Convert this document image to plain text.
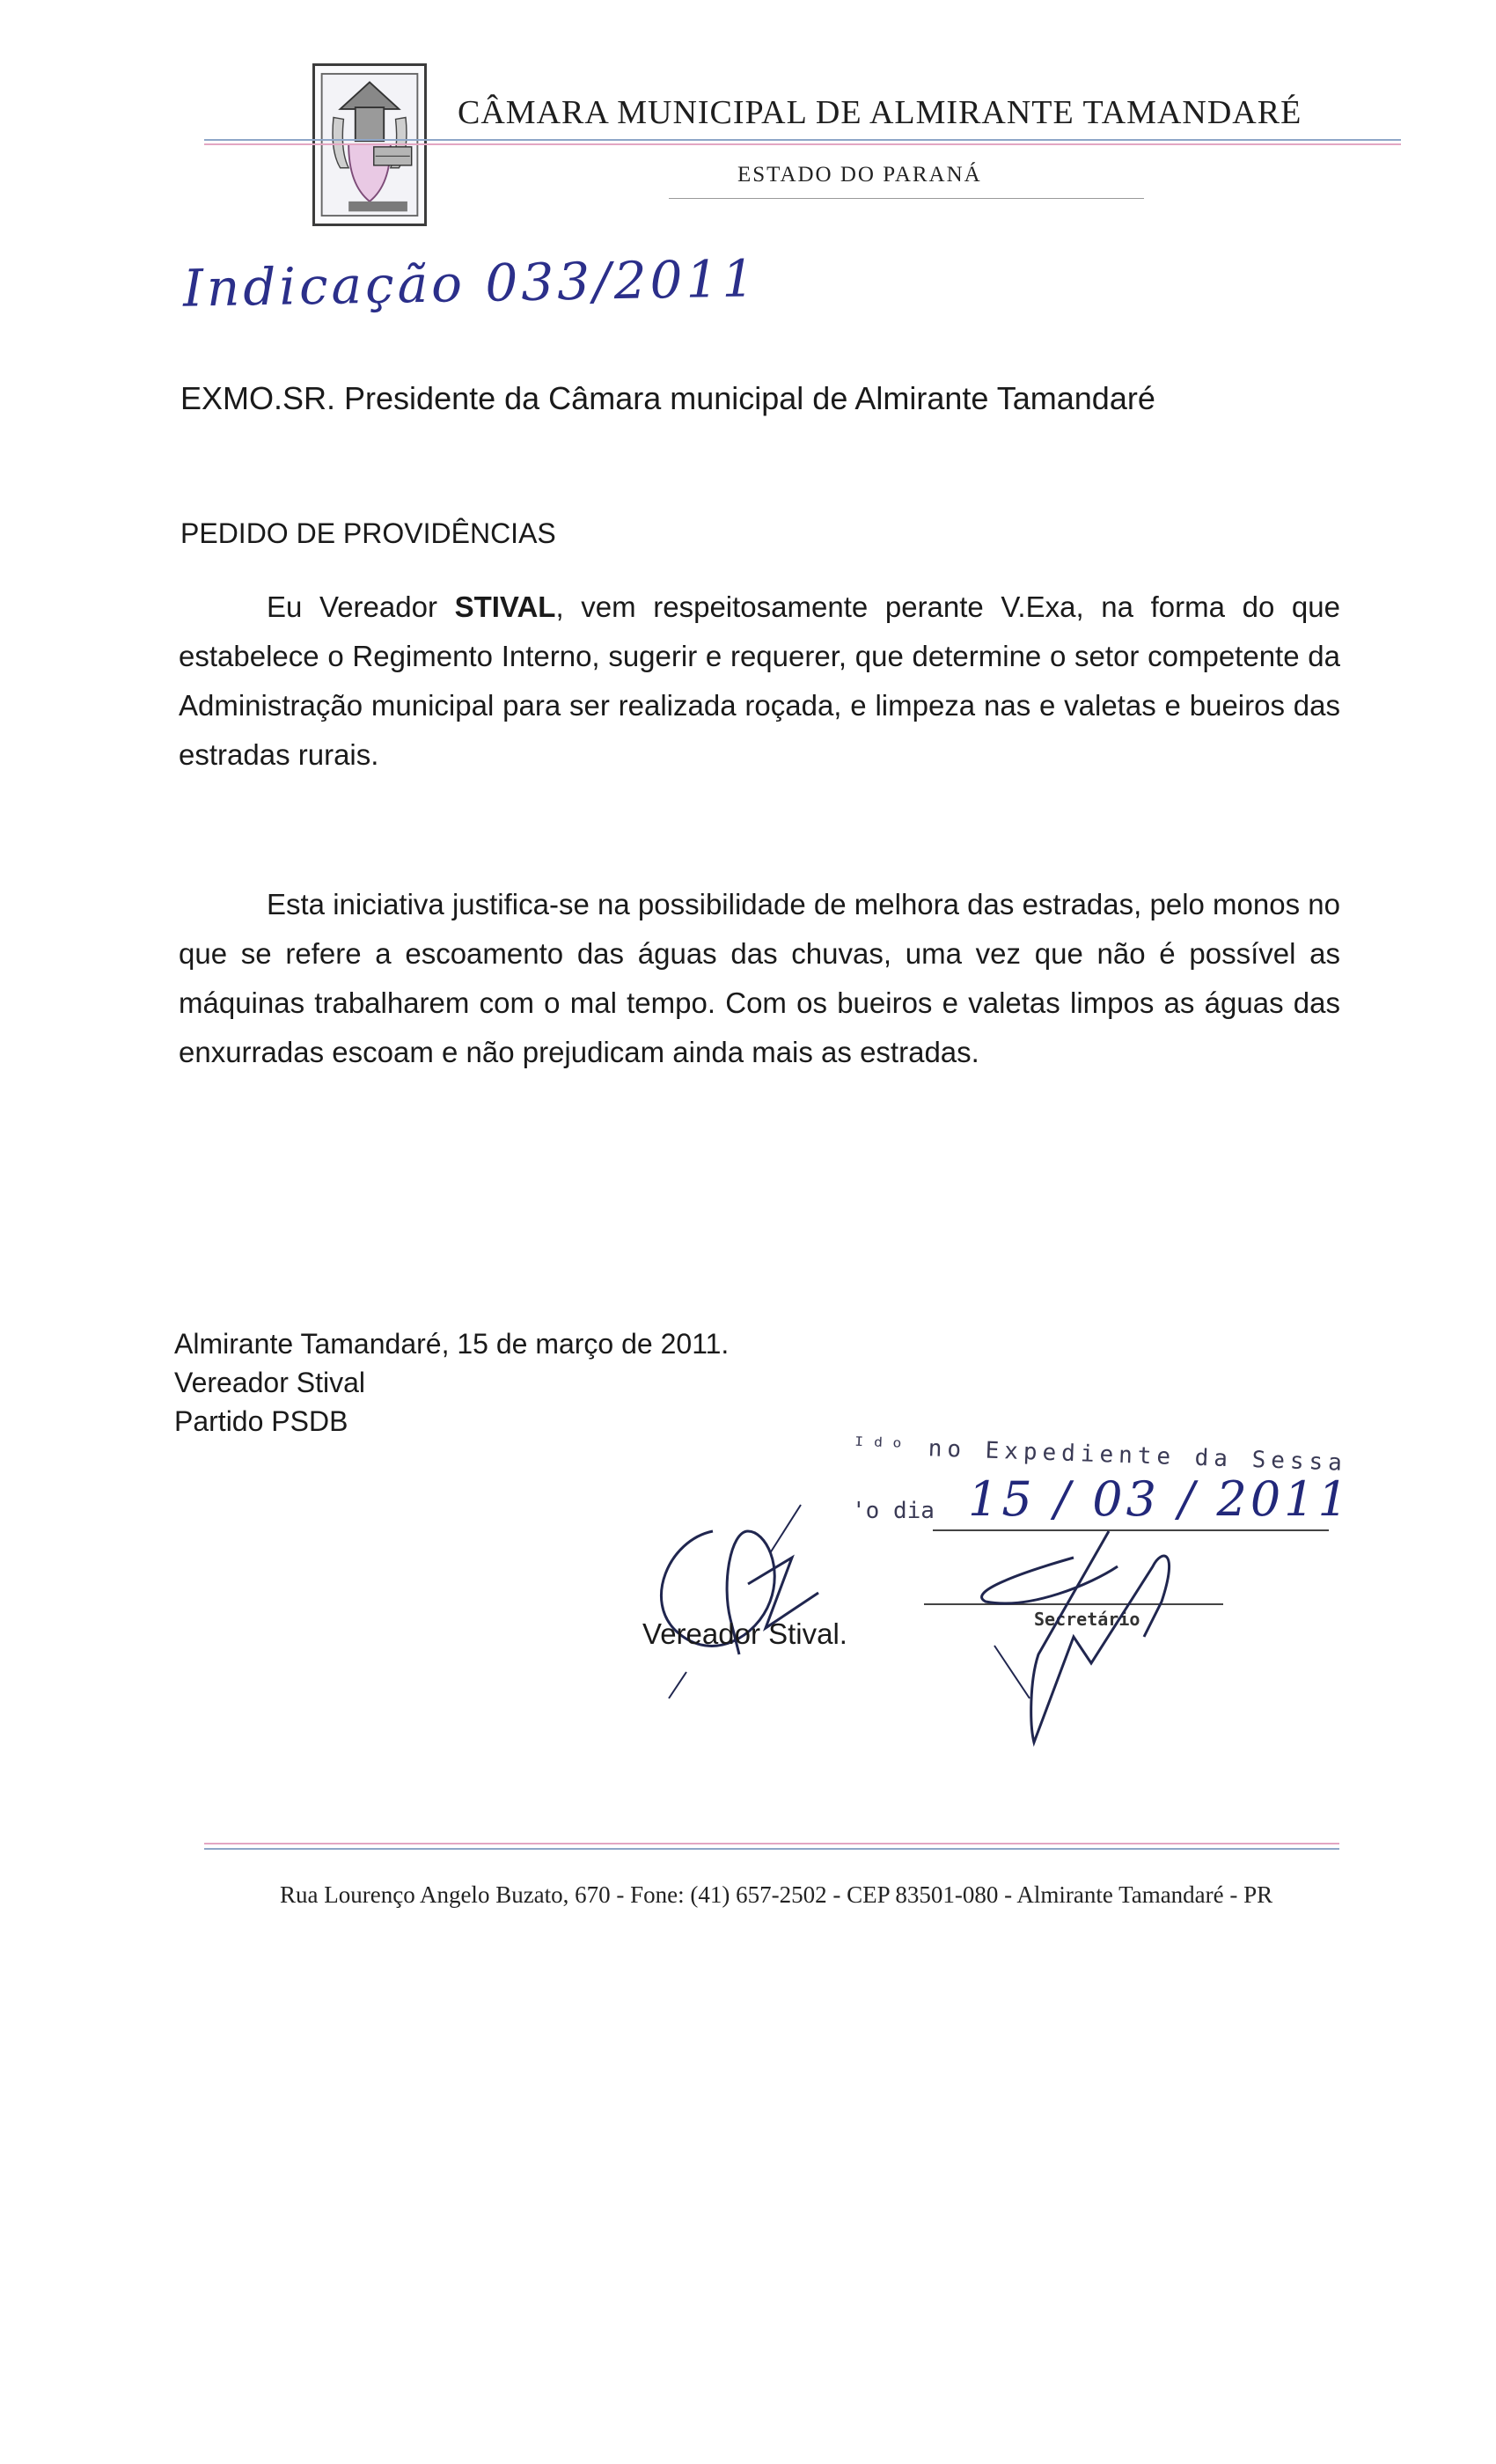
CÂMARA MUNICIPAL DE ALMIRANTE TAMANDARÉ
ESTADO DO PARANÁ
Indicação 033/2011
EXMO.SR. Presidente da Câmara municipal de Almirante Tamandaré
PEDIDO DE PROVIDÊNCIAS
Eu Vereador STIVAL, vem respeitosamente perante V.Exa, na forma do que estabelece o Regimento Interno, sugerir e requerer, que determine o setor competente da Administração municipal para ser realizada roçada, e limpeza nas e valetas e bueiros das estradas rurais.
Esta iniciativa justifica-se na possibilidade de melhora das estradas, pelo monos no que se refere a escoamento das águas das chuvas, uma vez que não é possível as máquinas trabalharem com o mal tempo. Com os bueiros e valetas limpos as águas das enxurradas escoam e não prejudicam ainda mais as estradas.
Almirante Tamandaré, 15 de março de 2011.
Vereador Stival
Partido PSDB
ᴵᵈᵒ no Expediente da Sessa
'o dia 15 / 03 / 2011
Secretário
Vereador Stival.
Rua Lourenço Angelo Buzato, 670 - Fone: (41) 657-2502 - CEP 83501-080 - Almirante Tamandaré - PR
